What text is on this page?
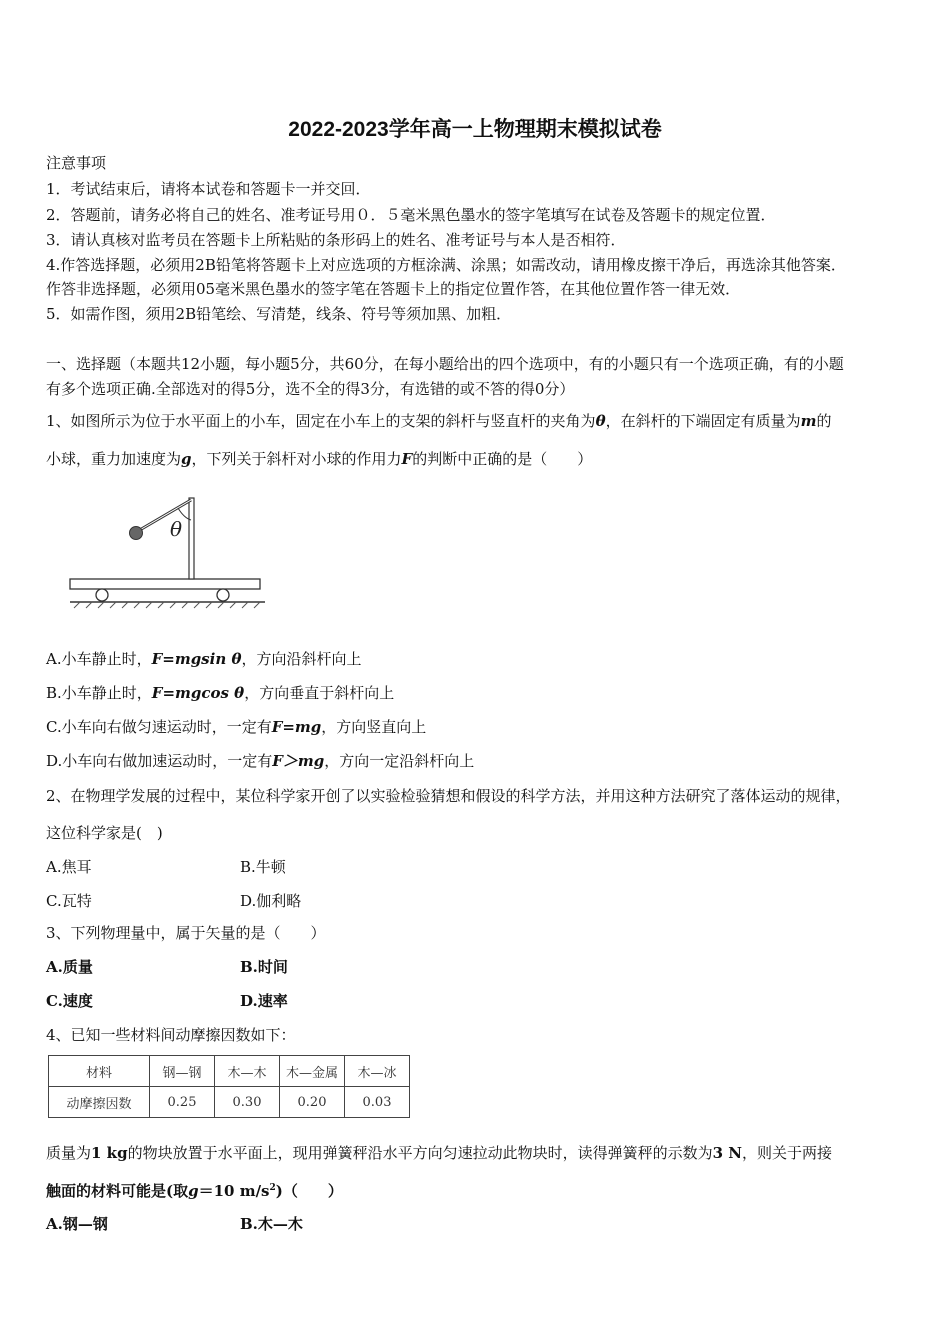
2022-2023学年高一上物理期末模拟试卷
注意事项
1．考试结束后，请将本试卷和答题卡一并交回．
2．答题前，请务必将自己的姓名、准考证号用０．５毫米黑色墨水的签字笔填写在试卷及答题卡的规定位置．
3．请认真核对监考员在答题卡上所粘贴的条形码上的姓名、准考证号与本人是否相符．
4.作答选择题，必须用2B铅笔将答题卡上对应选项的方框涂满、涂黑；如需改动，请用橡皮擦干净后，再选涂其他答案．
作答非选择题，必须用05毫米黑色墨水的签字笔在答题卡上的指定位置作答，在其他位置作答一律无效．
5．如需作图，须用2B铅笔绘、写清楚，线条、符号等须加黑、加粗．
一、选择题（本题共12小题，每小题5分，共60分，在每小题给出的四个选项中，有的小题只有一个选项正确，有的小题
有多个选项正确.全部选对的得5分，选不全的得3分，有选错的或不答的得0分）
1、如图所示为位于水平面上的小车，固定在小车上的支架的斜杆与竖直杆的夹角为θ，在斜杆的下端固定有质量为m的
小球，重力加速度为g，下列关于斜杆对小球的作用力F的判断中正确的是（　　）
θ
A.小车静止时，F=mgsin θ，方向沿斜杆向上
B.小车静止时，F=mgcos θ，方向垂直于斜杆向上
C.小车向右做匀速运动时，一定有F=mg，方向竖直向上
D.小车向右做加速运动时，一定有F＞mg，方向一定沿斜杆向上
2、在物理学发展的过程中，某位科学家开创了以实验检验猜想和假设的科学方法，并用这种方法研究了落体运动的规律，
这位科学家是(　)
A.焦耳	B.牛顿
C.瓦特	D.伽利略
3、下列物理量中，属于矢量的是（　　）
A.质量	B.时间
C.速度	D.速率
4、已知一些材料间动摩擦因数如下：
材料	钢—钢	木—木	木—金属	木—冰
动摩擦因数	0.25	0.30	0.20	0.03
质量为1 kg的物块放置于水平面上，现用弹簧秤沿水平方向匀速拉动此物块时，读得弹簧秤的示数为3 N，则关于两接
触面的材料可能是(取g＝10 $m/s^2$)（　　）
A.钢—钢	B.木—木
